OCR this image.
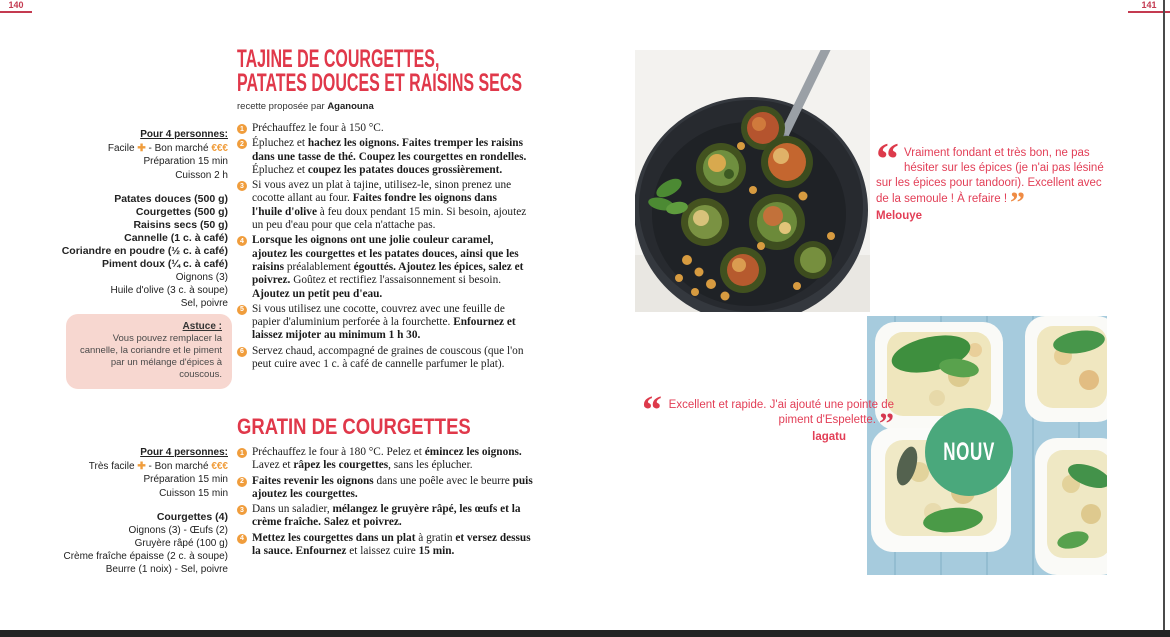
140
TAJINE DE COURGETTES,
PATATES DOUCES ET RAISINS SECS
recette proposée par Aganouna
Pour 4 personnes:
Facile ✚ - Bon marché €€€
Préparation 15 min
Cuisson 2 h
Patates douces (500 g)
Courgettes (500 g)
Raisins secs (50 g)
Cannelle (1 c. à café)
Coriandre en poudre (½ c. à café)
Piment doux (¼ c. à café)
Oignons (3)
Huile d'olive (3 c. à soupe)
Sel, poivre
1 Préchauffez le four à 150 °C.
2 Épluchez et hachez les oignons. Faites tremper les raisins dans une tasse de thé. Coupez les courgettes en rondelles. Épluchez et coupez les patates douces grossièrement.
3 Si vous avez un plat à tajine, utilisez-le, sinon prenez une cocotte allant au four. Faites fondre les oignons dans l'huile d'olive à feu doux pendant 15 min. Si besoin, ajoutez un peu d'eau pour que cela n'attache pas.
4 Lorsque les oignons ont une jolie couleur caramel, ajoutez les courgettes et les patates douces, ainsi que les raisins préalablement égouttés. Ajoutez les épices, salez et poivrez. Goûtez et rectifiez l'assaisonnement si besoin. Ajoutez un petit peu d'eau.
5 Si vous utilisez une cocotte, couvrez avec une feuille de papier d'aluminium perforée à la fourchette. Enfournez et laissez mijoter au minimum 1 h 30.
6 Servez chaud, accompagné de graines de couscous (que l'on peut cuire avec 1 c. à café de cannelle parfumer le plat).
Astuce :
Vous pouvez remplacer la cannelle, la coriandre et le piment par un mélange d'épices à couscous.
GRATIN DE COURGETTES
Pour 4 personnes:
Très facile ✚ - Bon marché €€€
Préparation 15 min
Cuisson 15 min
Courgettes (4)
Oignons (3) - Œufs (2)
Gruyère râpé (100 g)
Crème fraîche épaisse (2 c. à soupe)
Beurre (1 noix) - Sel, poivre
1 Préchauffez le four à 180 °C. Pelez et émincez les oignons. Lavez et râpez les courgettes, sans les éplucher.
2 Faites revenir les oignons dans une poêle avec le beurre puis ajoutez les courgettes.
3 Dans un saladier, mélangez le gruyère râpé, les œufs et la crème fraîche. Salez et poivrez.
4 Mettez les courgettes dans un plat à gratin et versez dessus la sauce. Enfournez et laissez cuire 15 min.
“ Vraiment fondant et très bon, ne pas hésiter sur les épices (je n'ai pas lésiné sur les épices pour tandoori). Excellent avec de la semoule ! À refaire ! ”
Melouye
141
NOUV
“ Excellent et rapide. J'ai ajouté une pointe de piment d'Espelette. ”
lagatu
